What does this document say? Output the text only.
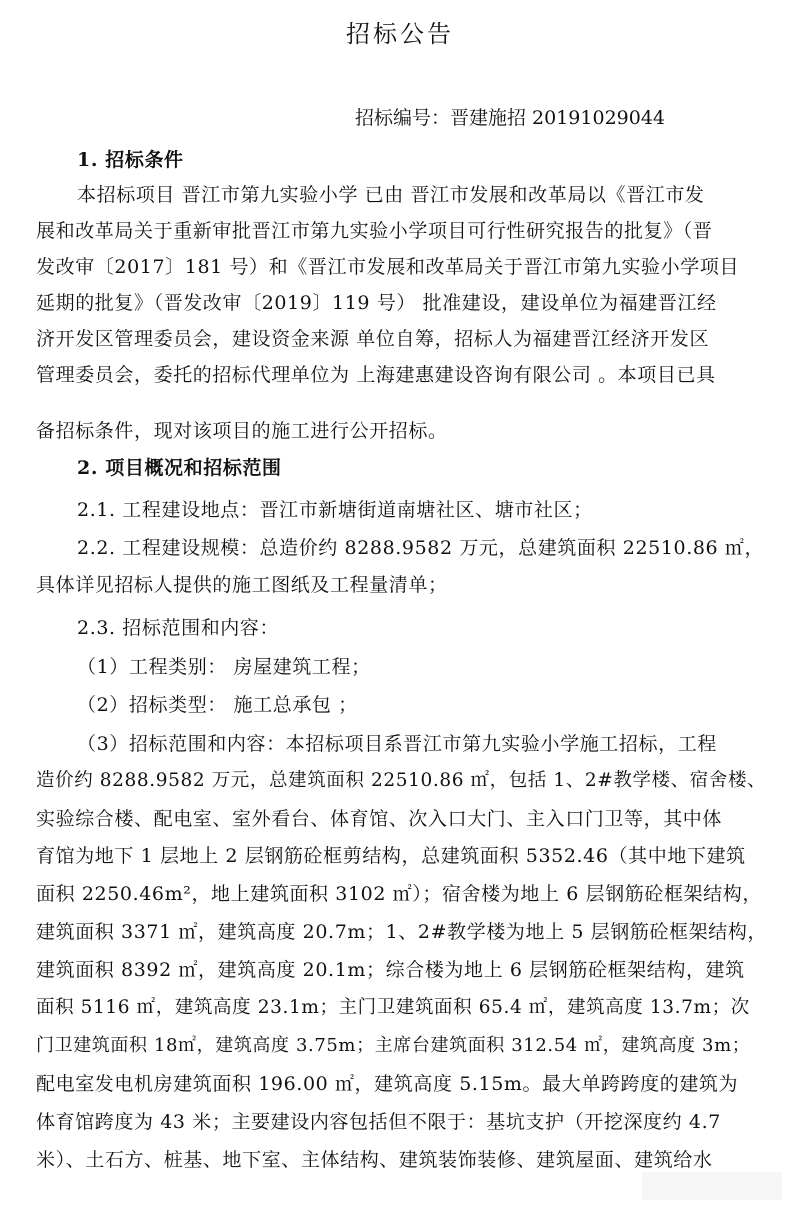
招标公告
招标编号：晋建施招 20191029044
1. 招标条件
本招标项目 晋江市第九实验小学 已由 晋江市发展和改革局以《晋江市发
展和改革局关于重新审批晋江市第九实验小学项目可行性研究报告的批复》（晋
发改审〔2017〕181 号）和《晋江市发展和改革局关于晋江市第九实验小学项目
延期的批复》（晋发改审〔2019〕119 号） 批准建设，建设单位为福建晋江经
济开发区管理委员会，建设资金来源 单位自筹，招标人为福建晋江经济开发区
管理委员会，委托的招标代理单位为 上海建惠建设咨询有限公司 。本项目已具
备招标条件，现对该项目的施工进行公开招标。
2. 项目概况和招标范围
2.1. 工程建设地点：晋江市新塘街道南塘社区、塘市社区；
2.2. 工程建设规模：总造价约 8288.9582 万元，总建筑面积 22510.86 ㎡，
具体详见招标人提供的施工图纸及工程量清单；
2.3. 招标范围和内容：
（1）工程类别： 房屋建筑工程；
（2）招标类型： 施工总承包 ；
（3）招标范围和内容：本招标项目系晋江市第九实验小学施工招标，工程
造价约 8288.9582 万元，总建筑面积 22510.86 ㎡，包括 1、2#教学楼、宿舍楼、
实验综合楼、配电室、室外看台、体育馆、次入口大门、主入口门卫等，其中体
育馆为地下 1 层地上 2 层钢筋砼框剪结构，总建筑面积 5352.46（其中地下建筑
面积 2250.46m²，地上建筑面积 3102 ㎡）；宿舍楼为地上 6 层钢筋砼框架结构，
建筑面积 3371 ㎡，建筑高度 20.7m；1、2#教学楼为地上 5 层钢筋砼框架结构，
建筑面积 8392 ㎡，建筑高度 20.1m；综合楼为地上 6 层钢筋砼框架结构，建筑
面积 5116 ㎡，建筑高度 23.1m；主门卫建筑面积 65.4 ㎡，建筑高度 13.7m；次
门卫建筑面积 18㎡，建筑高度 3.75m；主席台建筑面积 312.54 ㎡，建筑高度 3m；
配电室发电机房建筑面积 196.00 ㎡，建筑高度 5.15m。最大单跨跨度的建筑为
体育馆跨度为 43 米；主要建设内容包括但不限于：基坑支护（开挖深度约 4.7
米）、土石方、桩基、地下室、主体结构、建筑装饰装修、建筑屋面、建筑给水
